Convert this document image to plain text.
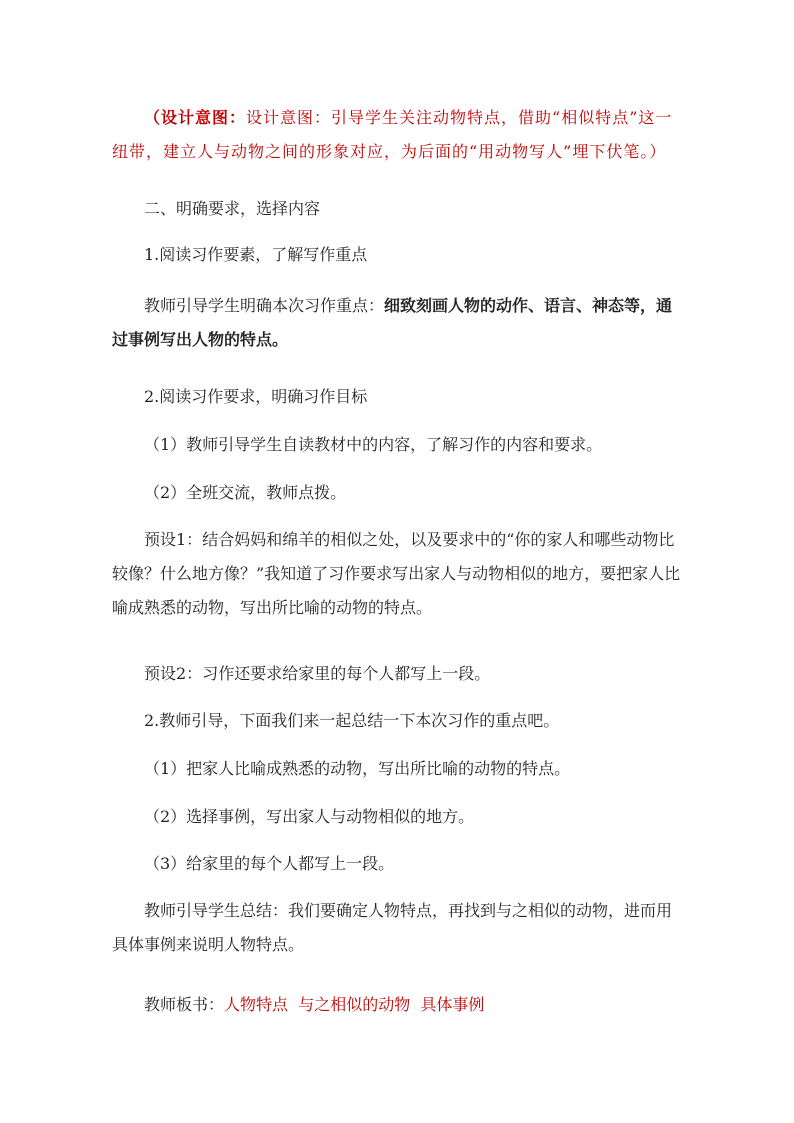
（设计意图：设计意图：引导学生关注动物特点，借助“相似特点”这一纽带，建立人与动物之间的形象对应，为后面的“用动物写人”埋下伏笔。）

二、明确要求，选择内容

1.阅读习作要素，了解写作重点

教师引导学生明确本次习作重点：细致刻画人物的动作、语言、神态等，通过事例写出人物的特点。

2.阅读习作要求，明确习作目标

（1）教师引导学生自读教材中的内容，了解习作的内容和要求。

（2）全班交流，教师点拨。

预设1：结合妈妈和绵羊的相似之处，以及要求中的“你的家人和哪些动物比较像？什么地方像？”我知道了习作要求写出家人与动物相似的地方，要把家人比喻成熟悉的动物，写出所比喻的动物的特点。

预设2：习作还要求给家里的每个人都写上一段。

2.教师引导，下面我们来一起总结一下本次习作的重点吧。

（1）把家人比喻成熟悉的动物，写出所比喻的动物的特点。

（2）选择事例，写出家人与动物相似的地方。

（3）给家里的每个人都写上一段。

教师引导学生总结：我们要确定人物特点，再找到与之相似的动物，进而用具体事例来说明人物特点。

教师板书：人物特点  与之相似的动物  具体事例
